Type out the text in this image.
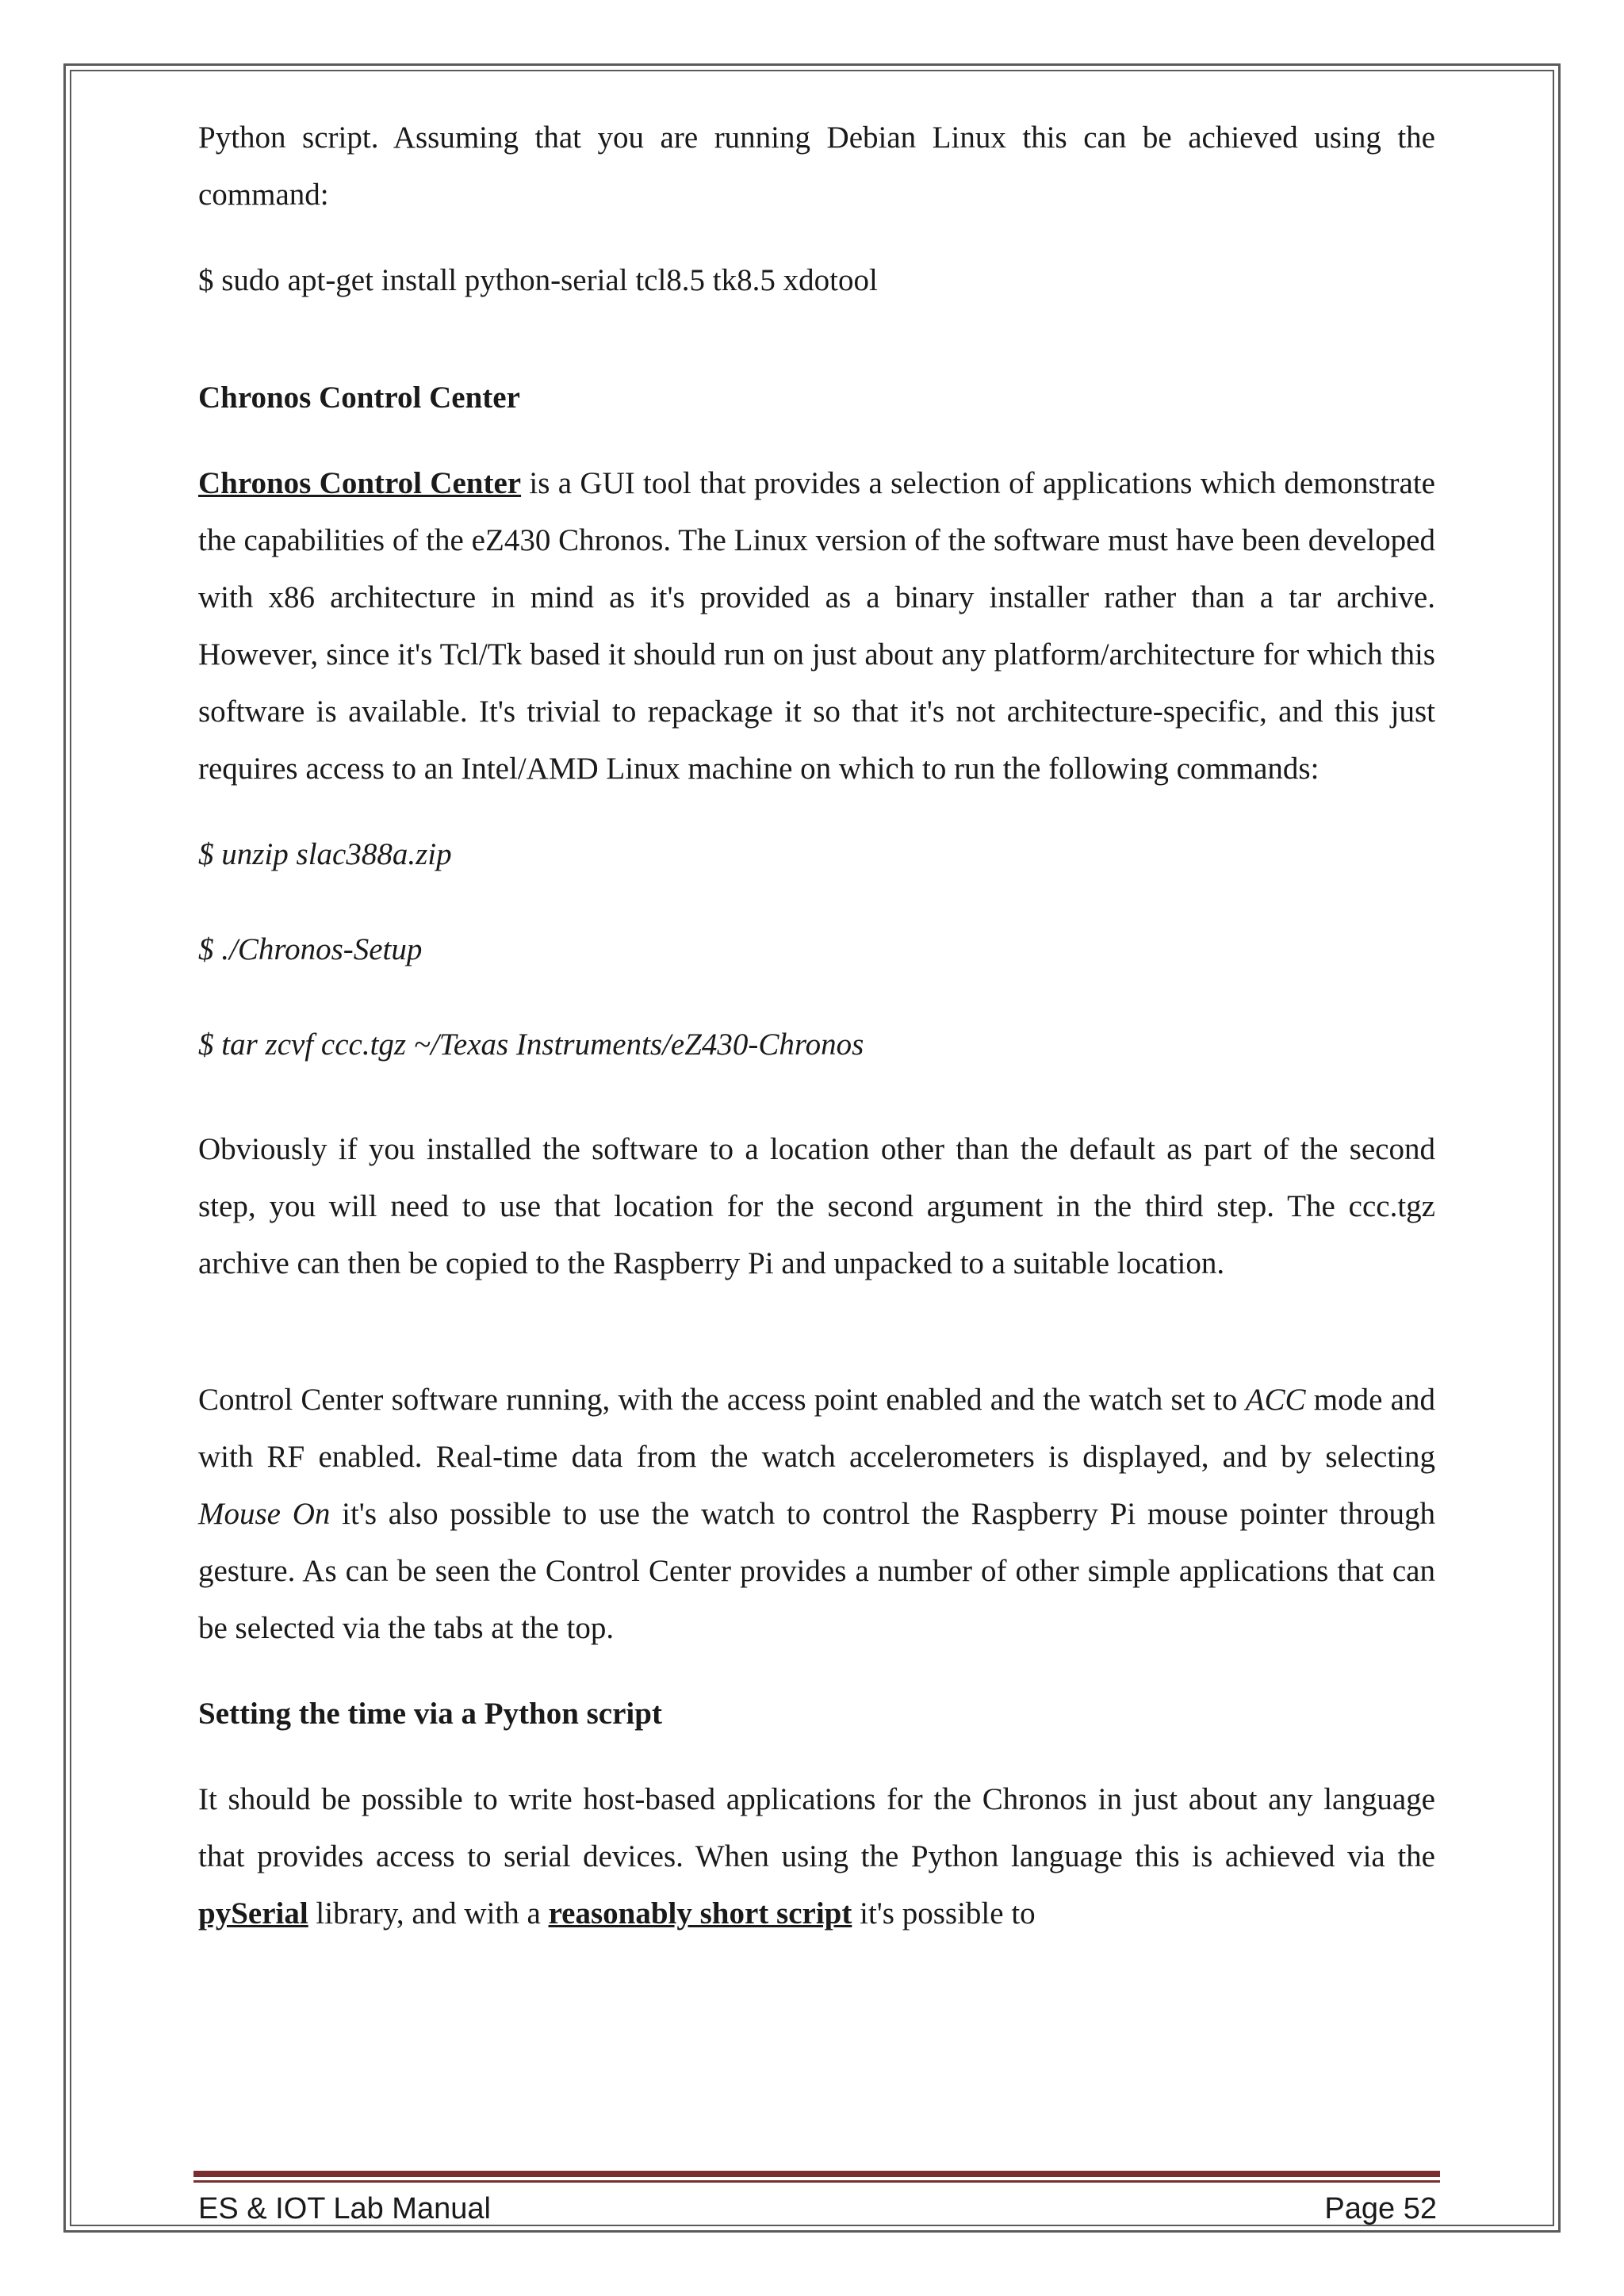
Python script. Assuming that you are running Debian Linux this can be achieved using the command:

$ sudo apt-get install python-serial tcl8.5 tk8.5 xdotool

Chronos Control Center

Chronos Control Center is a GUI tool that provides a selection of applications which demonstrate the capabilities of the eZ430 Chronos. The Linux version of the software must have been developed with x86 architecture in mind as it's provided as a binary installer rather than a tar archive. However, since it's Tcl/Tk based it should run on just about any platform/architecture for which this software is available. It's trivial to repackage it so that it's not architecture-specific, and this just requires access to an Intel/AMD Linux machine on which to run the following commands:

$ unzip slac388a.zip

$ ./Chronos-Setup

$ tar zcvf ccc.tgz ~/Texas Instruments/eZ430-Chronos

Obviously if you installed the software to a location other than the default as part of the second step, you will need to use that location for the second argument in the third step. The ccc.tgz archive can then be copied to the Raspberry Pi and unpacked to a suitable location.

Control Center software running, with the access point enabled and the watch set to ACC mode and with RF enabled. Real-time data from the watch accelerometers is displayed, and by selecting Mouse On it's also possible to use the watch to control the Raspberry Pi mouse pointer through gesture. As can be seen the Control Center provides a number of other simple applications that can be selected via the tabs at the top.

Setting the time via a Python script

It should be possible to write host-based applications for the Chronos in just about any language that provides access to serial devices. When using the Python language this is achieved via the pySerial library, and with a reasonably short script it's possible to

ES & IOT Lab Manual	Page 52
